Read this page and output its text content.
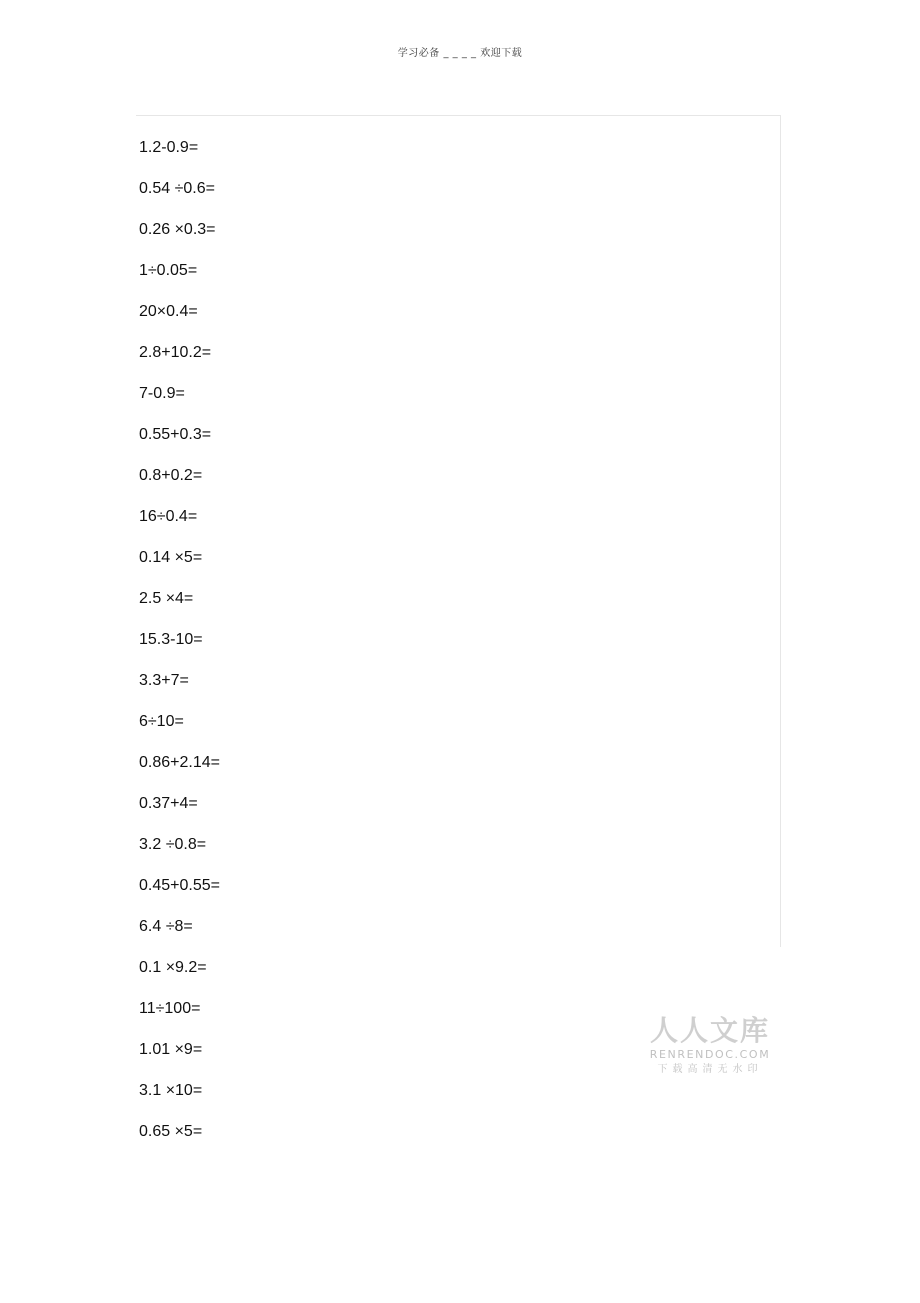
学习必备 _ _ _ _ 欢迎下载
1.2-0.9=
0.54 ÷0.6=
0.26 ×0.3=
1÷0.05=
20×0.4=
2.8+10.2=
7-0.9=
0.55+0.3=
0.8+0.2=
16÷0.4=
0.14 ×5=
2.5 ×4=
15.3-10=
3.3+7=
6÷10=
0.86+2.14=
0.37+4=
3.2 ÷0.8=
0.45+0.55=
6.4 ÷8=
0.1 ×9.2=
11÷100=
1.01 ×9=
3.1 ×10=
0.65 ×5=
人人文库
RENRENDOC.COM
下载高清无水印
